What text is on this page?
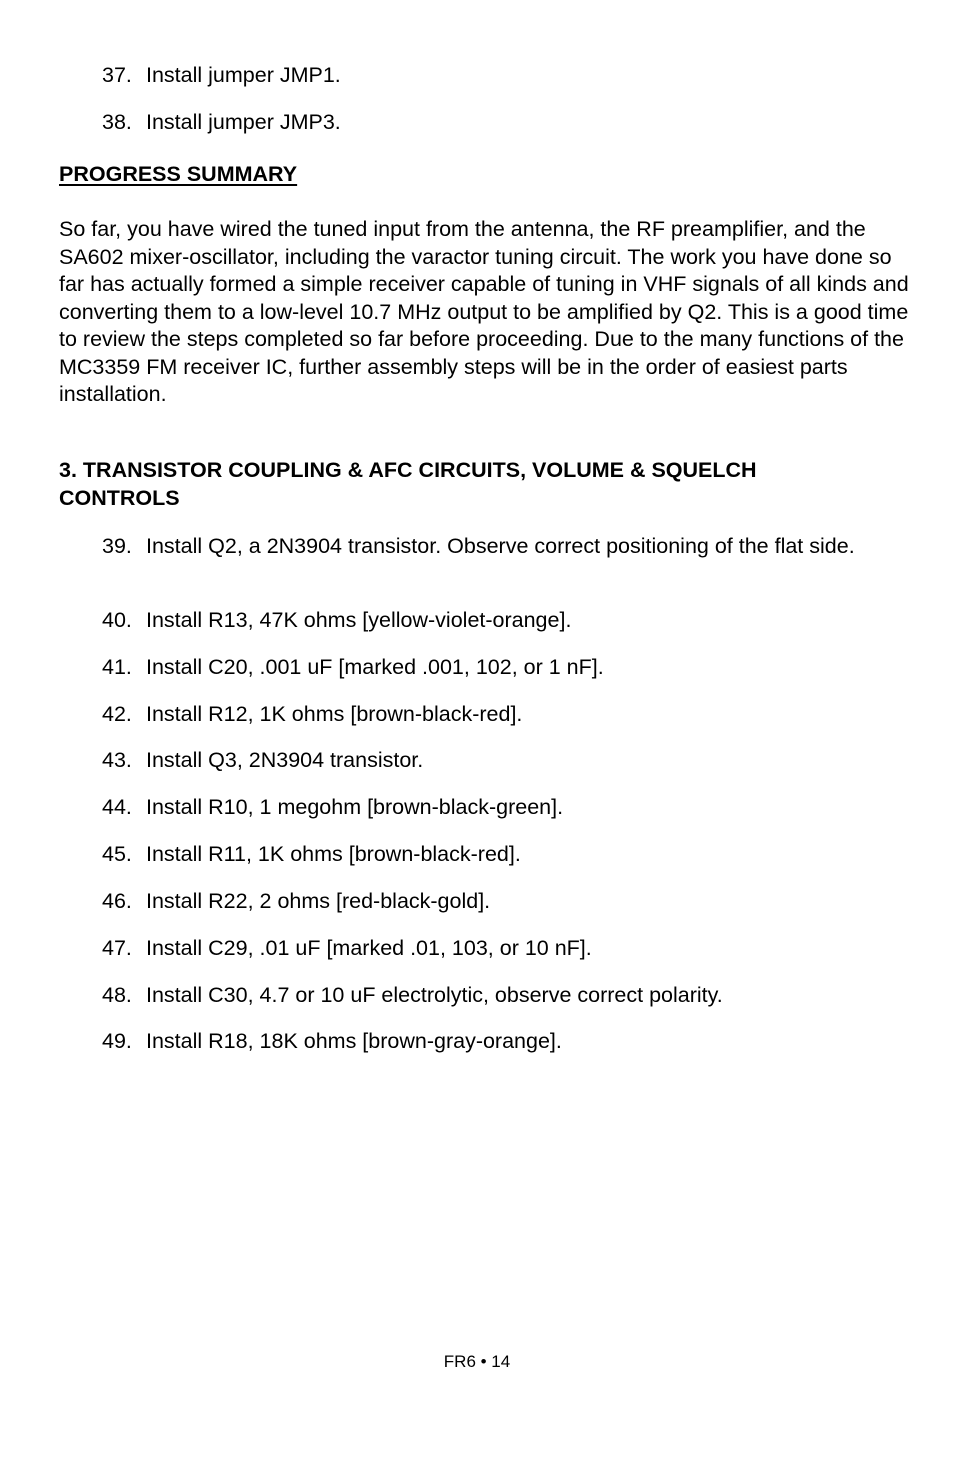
37. Install jumper JMP1.
38. Install jumper JMP3.
PROGRESS SUMMARY
So far, you have wired the tuned input from the antenna, the RF preamplifier, and the SA602 mixer-oscillator, including the varactor tuning circuit. The work you have done so far has actually formed a simple receiver capable of tuning in VHF signals of all kinds and converting them to a low-level 10.7 MHz output to be amplified by Q2. This is a good time to review the steps completed so far before proceeding. Due to the many functions of the MC3359 FM receiver IC, further assembly steps will be in the order of easiest parts installation.
3. TRANSISTOR COUPLING & AFC CIRCUITS, VOLUME & SQUELCH
CONTROLS
39. Install Q2, a 2N3904 transistor. Observe correct positioning of the flat side.
40. Install R13, 47K ohms [yellow-violet-orange].
41. Install C20, .001 uF [marked .001, 102, or 1 nF].
42. Install R12, 1K ohms [brown-black-red].
43. Install Q3, 2N3904 transistor.
44. Install R10, 1 megohm [brown-black-green].
45. Install R11, 1K ohms [brown-black-red].
46. Install R22, 2 ohms [red-black-gold].
47. Install C29, .01 uF [marked .01, 103, or 10 nF].
48. Install C30, 4.7 or 10 uF electrolytic, observe correct polarity.
49. Install R18, 18K ohms [brown-gray-orange].
FR6 • 14
